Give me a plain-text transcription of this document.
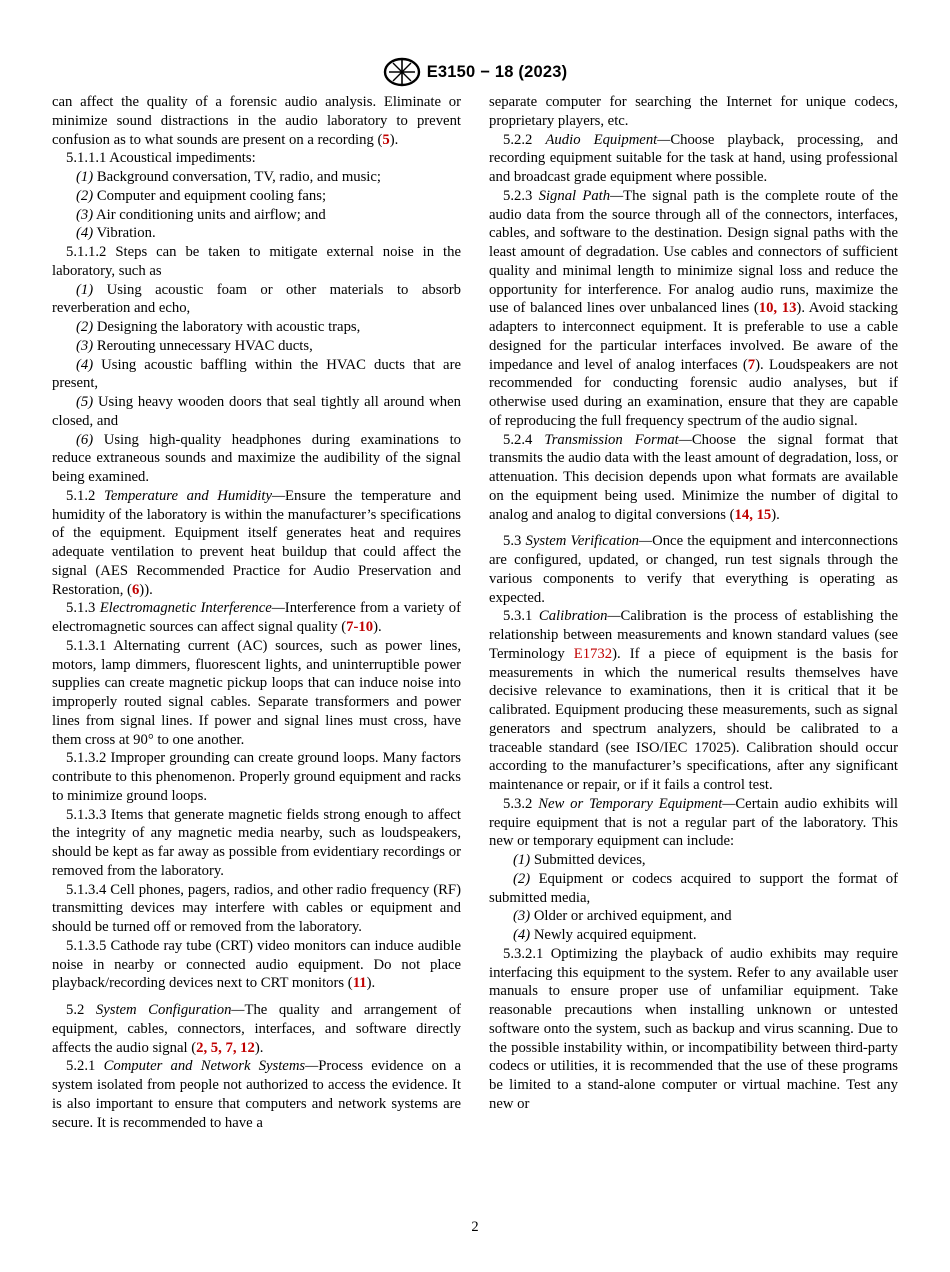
E3150 − 18 (2023)

can affect the quality of a forensic audio analysis. Eliminate or minimize sound distractions in the audio laboratory to prevent confusion as to what sounds are present on a recording (5).

5.1.1.1 Acoustical impediments:

(1) Background conversation, TV, radio, and music;

(2) Computer and equipment cooling fans;

(3) Air conditioning units and airflow; and

(4) Vibration.

5.1.1.2 Steps can be taken to mitigate external noise in the laboratory, such as

(1) Using acoustic foam or other materials to absorb reverberation and echo,

(2) Designing the laboratory with acoustic traps,

(3) Rerouting unnecessary HVAC ducts,

(4) Using acoustic baffling within the HVAC ducts that are present,

(5) Using heavy wooden doors that seal tightly all around when closed, and

(6) Using high-quality headphones during examinations to reduce extraneous sounds and maximize the audibility of the signal being examined.

5.1.2 Temperature and Humidity—Ensure the temperature and humidity of the laboratory is within the manufacturer’s specifications of the equipment. Equipment itself generates heat and requires adequate ventilation to prevent heat buildup that could affect the signal (AES Recommended Practice for Audio Preservation and Restoration, (6)).

5.1.3 Electromagnetic Interference—Interference from a variety of electromagnetic sources can affect signal quality (7-10).

5.1.3.1 Alternating current (AC) sources, such as power lines, motors, lamp dimmers, fluorescent lights, and uninterruptible power supplies can create magnetic pickup loops that can induce noise into improperly routed signal cables. Separate transformers and power lines from signal lines. If power and signal lines must cross, have them cross at 90° to one another.

5.1.3.2 Improper grounding can create ground loops. Many factors contribute to this phenomenon. Properly ground equipment and racks to minimize ground loops.

5.1.3.3 Items that generate magnetic fields strong enough to affect the integrity of any magnetic media nearby, such as loudspeakers, should be kept as far away as possible from evidentiary recordings or removed from the laboratory.

5.1.3.4 Cell phones, pagers, radios, and other radio frequency (RF) transmitting devices may interfere with cables or equipment and should be turned off or removed from the laboratory.

5.1.3.5 Cathode ray tube (CRT) video monitors can induce audible noise in nearby or connected audio equipment. Do not place playback/recording devices next to CRT monitors (11).

5.2 System Configuration—The quality and arrangement of equipment, cables, connectors, interfaces, and software directly affects the audio signal (2, 5, 7, 12).

5.2.1 Computer and Network Systems—Process evidence on a system isolated from people not authorized to access the evidence. It is also important to ensure that computers and network systems are secure. It is recommended to have a

separate computer for searching the Internet for unique codecs, proprietary players, etc.

5.2.2 Audio Equipment—Choose playback, processing, and recording equipment suitable for the task at hand, using professional and broadcast grade equipment where possible.

5.2.3 Signal Path—The signal path is the complete route of the audio data from the source through all of the connectors, interfaces, cables, and software to the destination. Design signal paths with the least amount of degradation. Use cables and connectors of sufficient quality and minimal length to minimize signal loss and reduce the opportunity for interference. For analog audio runs, maximize the use of balanced lines over unbalanced lines (10, 13). Avoid stacking adapters to interconnect equipment. It is preferable to use a cable designed for the particular interfaces involved. Be aware of the impedance and level of analog interfaces (7). Loudspeakers are not recommended for conducting forensic audio analyses, but if otherwise used during an examination, ensure that they are capable of reproducing the full frequency spectrum of the audio signal.

5.2.4 Transmission Format—Choose the signal format that transmits the audio data with the least amount of degradation, loss, or attenuation. This decision depends upon what formats are available on the equipment being used. Minimize the number of digital to analog and analog to digital conversions (14, 15).

5.3 System Verification—Once the equipment and interconnections are configured, updated, or changed, run test signals through the various components to verify that everything is operating as expected.

5.3.1 Calibration—Calibration is the process of establishing the relationship between measurements and known standard values (see Terminology E1732). If a piece of equipment is the basis for measurements in which the numerical results themselves have decisive relevance to examinations, then it is critical that it be calibrated. Equipment producing these measurements, such as signal generators and spectrum analyzers, should be calibrated to a traceable standard (see ISO/IEC 17025). Calibration should occur according to the manufacturer’s specifications, after any significant maintenance or repair, or if it fails a control test.

5.3.2 New or Temporary Equipment—Certain audio exhibits will require equipment that is not a regular part of the laboratory. This new or temporary equipment can include:

(1) Submitted devices,

(2) Equipment or codecs acquired to support the format of submitted media,

(3) Older or archived equipment, and

(4) Newly acquired equipment.

5.3.2.1 Optimizing the playback of audio exhibits may require interfacing this equipment to the system. Refer to any available user manuals to ensure proper use of unfamiliar equipment. Take reasonable precautions when installing unknown or untested software onto the system, such as backup and virus scanning. Due to the possible instability within, or incompatibility between third-party codecs or utilities, it is recommended that the use of these programs be limited to a stand-alone computer or virtual machine. Test any new or

2
